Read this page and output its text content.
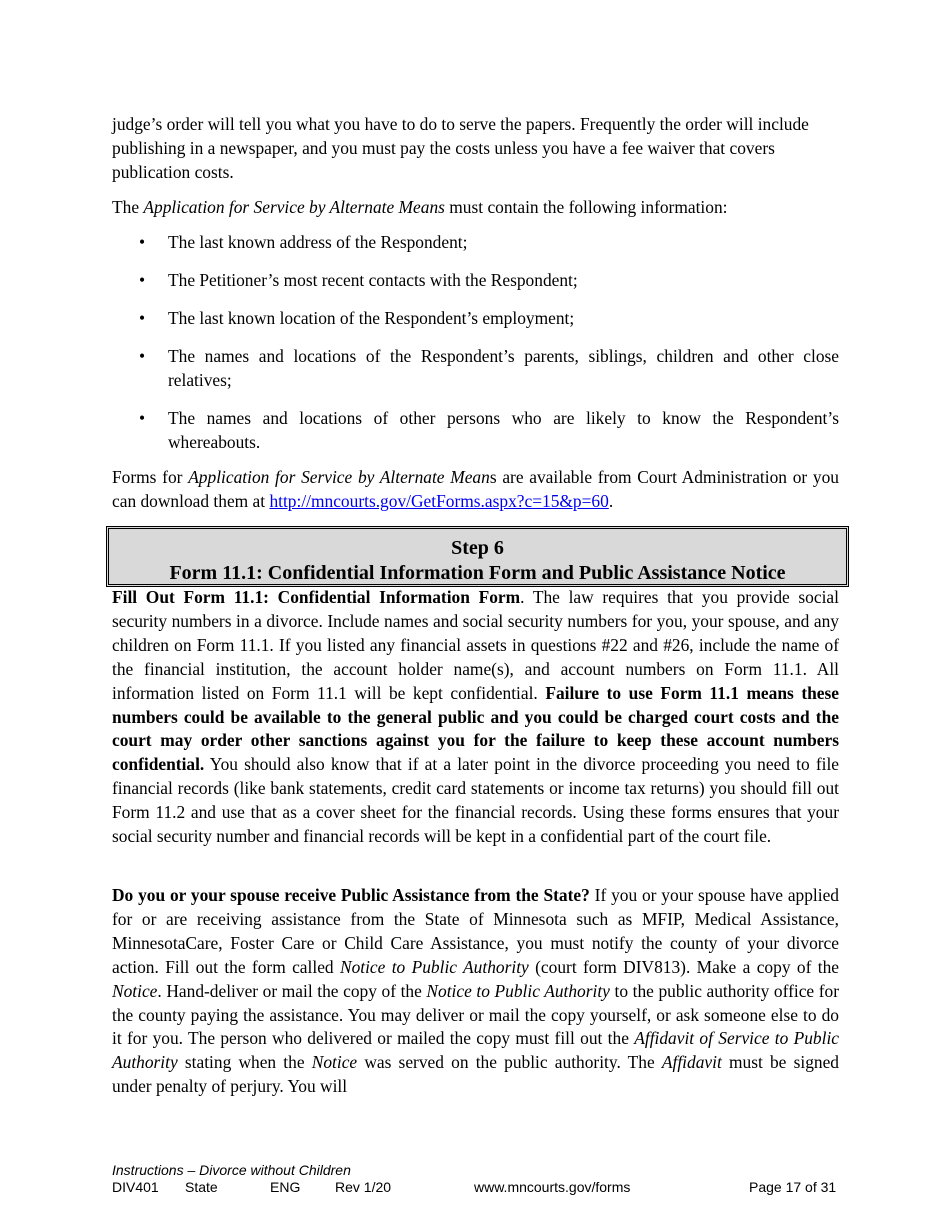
judge’s order will tell you what you have to do to serve the papers. Frequently the order will include publishing in a newspaper, and you must pay the costs unless you have a fee waiver that covers publication costs.

The Application for Service by Alternate Means must contain the following information:

• The last known address of the Respondent;
• The Petitioner’s most recent contacts with the Respondent;
• The last known location of the Respondent’s employment;
• The names and locations of the Respondent’s parents, siblings, children and other close relatives;
• The names and locations of other persons who are likely to know the Respondent’s whereabouts.

Forms for Application for Service by Alternate Means are available from Court Administration or you can download them at http://mncourts.gov/GetForms.aspx?c=15&p=60.

Step 6
Form 11.1: Confidential Information Form and Public Assistance Notice

Fill Out Form 11.1: Confidential Information Form. The law requires that you provide social security numbers in a divorce. Include names and social security numbers for you, your spouse, and any children on Form 11.1. If you listed any financial assets in questions #22 and #26, include the name of the financial institution, the account holder name(s), and account numbers on Form 11.1. All information listed on Form 11.1 will be kept confidential. Failure to use Form 11.1 means these numbers could be available to the general public and you could be charged court costs and the court may order other sanctions against you for the failure to keep these account numbers confidential. You should also know that if at a later point in the divorce proceeding you need to file financial records (like bank statements, credit card statements or income tax returns) you should fill out Form 11.2 and use that as a cover sheet for the financial records. Using these forms ensures that your social security number and financial records will be kept in a confidential part of the court file.

Do you or your spouse receive Public Assistance from the State? If you or your spouse have applied for or are receiving assistance from the State of Minnesota such as MFIP, Medical Assistance, MinnesotaCare, Foster Care or Child Care Assistance, you must notify the county of your divorce action. Fill out the form called Notice to Public Authority (court form DIV813). Make a copy of the Notice. Hand-deliver or mail the copy of the Notice to Public Authority to the public authority office for the county paying the assistance. You may deliver or mail the copy yourself, or ask someone else to do it for you. The person who delivered or mailed the copy must fill out the Affidavit of Service to Public Authority stating when the Notice was served on the public authority. The Affidavit must be signed under penalty of perjury. You will

Instructions – Divorce without Children
DIV401 State	ENG Rev 1/20	www.mncourts.gov/forms	Page 17 of 31
